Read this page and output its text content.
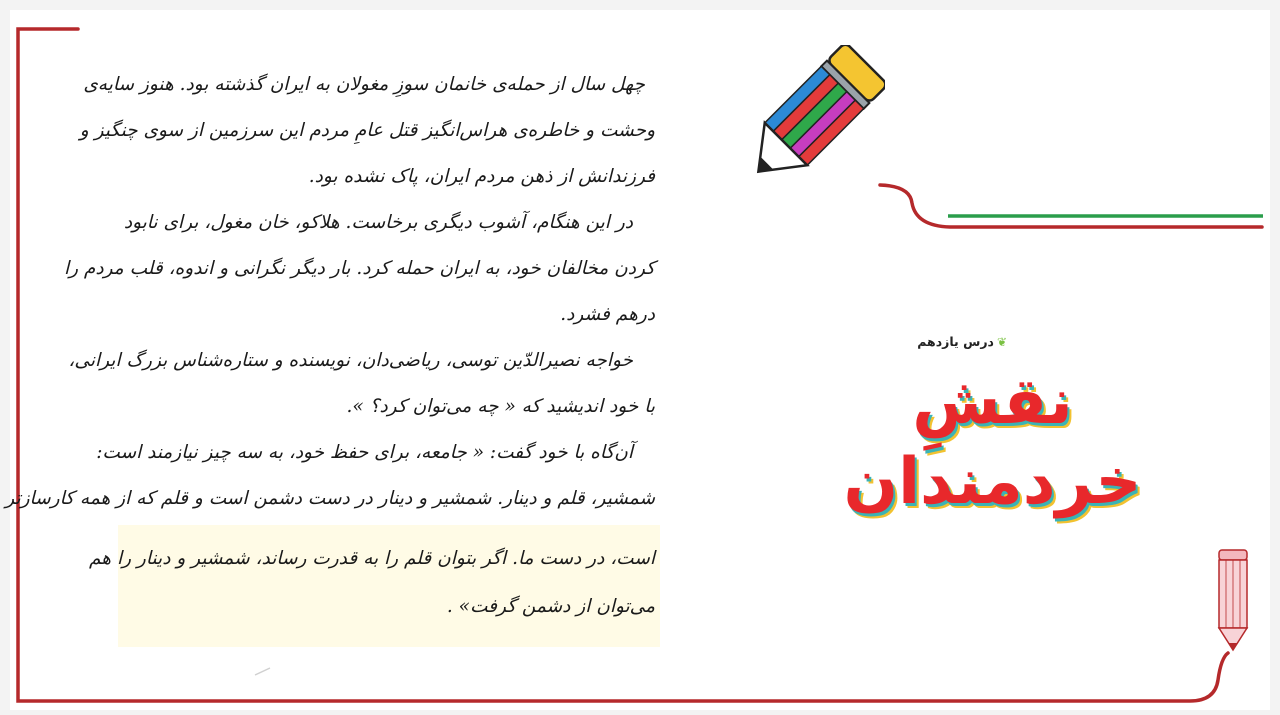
چهل سال از حمله‌ی خانمان سوزِ مغولان به ایران گذشته بود. هنوز سایه‌ی
وحشت و خاطره‌ی هراس‌انگیز قتل عامِ مردم این سرزمین از سوی چنگیز و
فرزندانش از ذهن مردم ایران، پاک نشده بود.
در این هنگام، آشوب دیگری برخاست. هلاکو، خان مغول، برای نابود
کردن مخالفان خود، به ایران حمله کرد. بار دیگر نگرانی و اندوه، قلب مردم را
درهم فشرد.
خواجه نصیرالدّین توسی، ریاضی‌دان، نویسنده و ستاره‌شناس بزرگ ایرانی،
با خود اندیشید که « چه می‌توان کرد؟ ».
آن‌گاه با خود گفت: « جامعه، برای حفظ خود، به سه چیز نیازمند است:
شمشیر، قلم و دینار. شمشیر و دینار در دست دشمن است و قلم که از همه کارسازتر
است، در دست ما. اگر بتوان قلم را به قدرت رساند، شمشیر و دینار را هم
می‌توان از دشمن گرفت» .
❦درس یازدهم
نقشِ خردمندان
